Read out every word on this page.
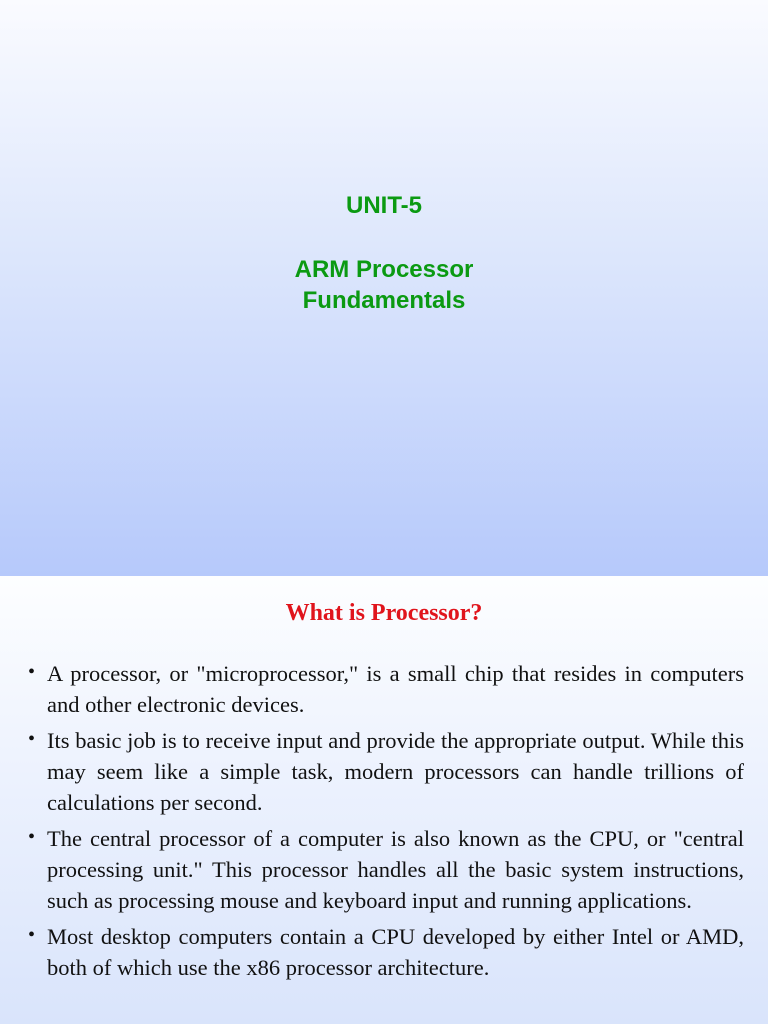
UNIT-5
ARM Processor
Fundamentals
What is Processor?
• A processor, or "microprocessor," is a small chip that resides in computers and other electronic devices.
• Its basic job is to receive input and provide the appropriate output. While this may seem like a simple task, modern processors can handle trillions of calculations per second.
• The central processor of a computer is also known as the CPU, or "central processing unit." This processor handles all the basic system instructions, such as processing mouse and keyboard input and running applications.
• Most desktop computers contain a CPU developed by either Intel or AMD, both of which use the x86 processor architecture.
